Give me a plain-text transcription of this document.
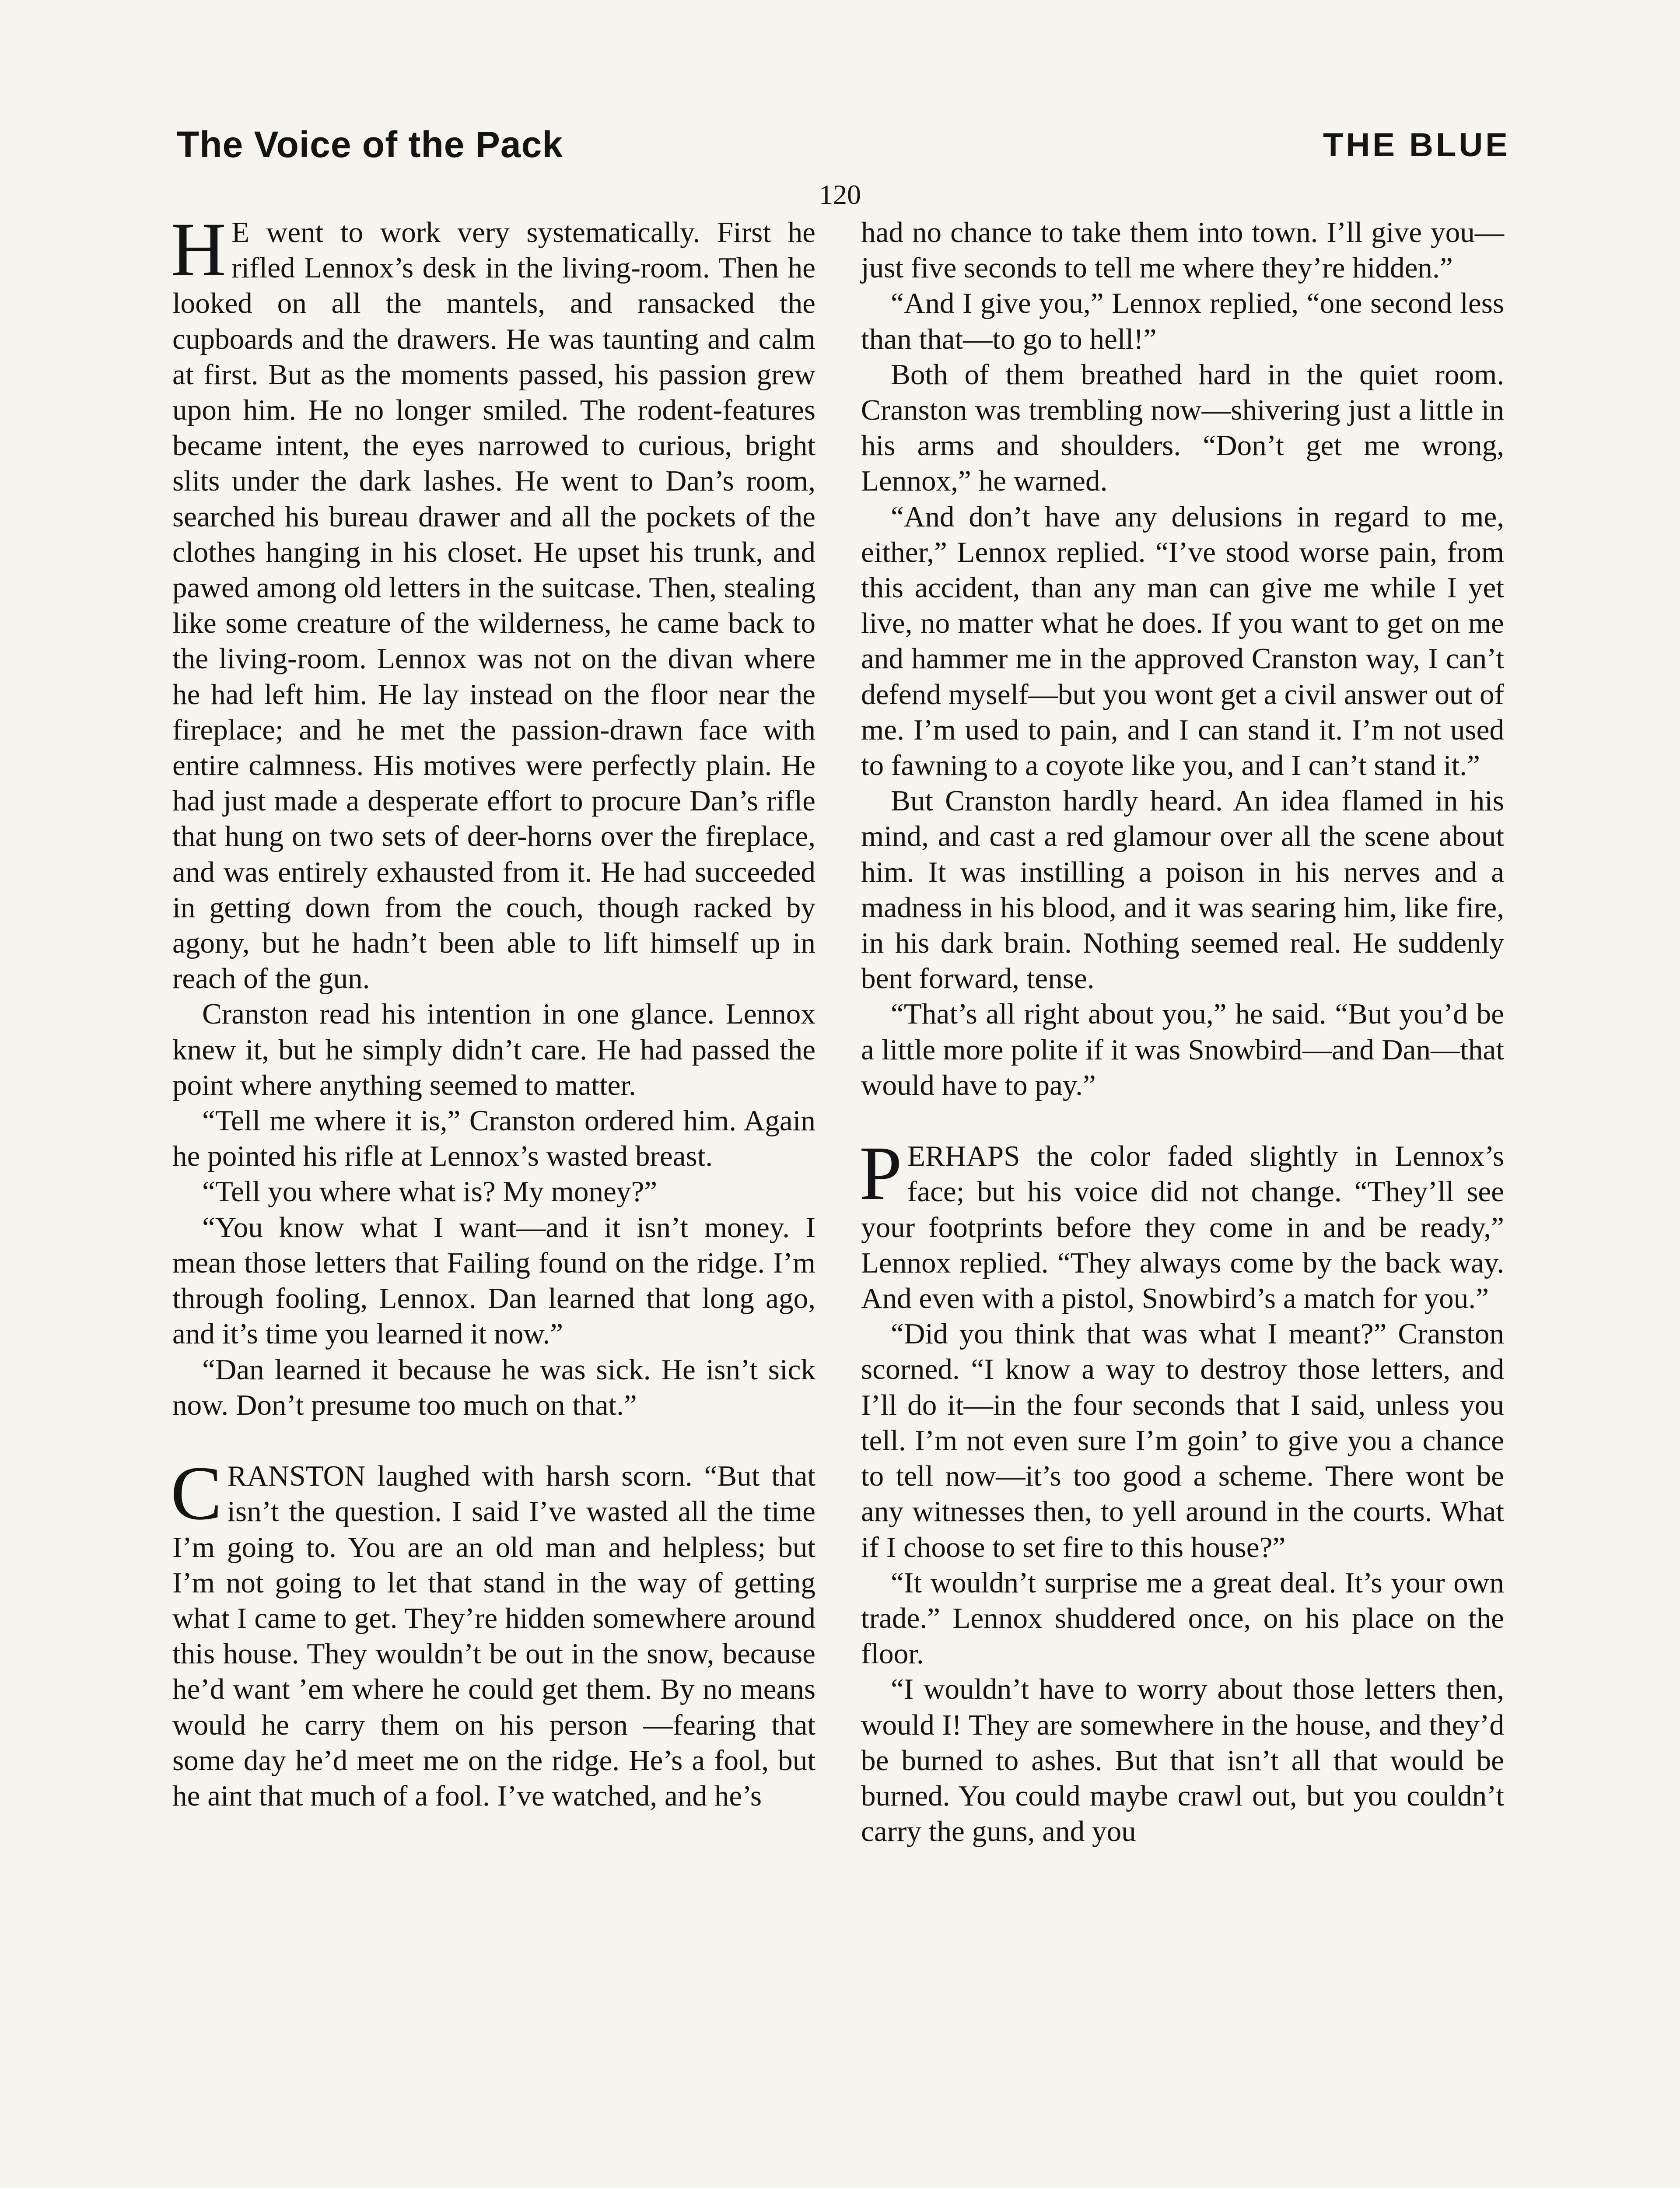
The Voice of the Pack	THE BLUE
120

H E went to work very systematically. First he rifled Lennox’s desk in the living-room. Then he looked on all the mantels, and ransacked the cupboards and the drawers. He was taunting and calm at first. But as the moments passed, his passion grew upon him. He no longer smiled. The rodent-features became intent, the eyes narrowed to curious, bright slits under the dark lashes. He went to Dan’s room, searched his bureau drawer and all the pockets of the clothes hanging in his closet. He upset his trunk, and pawed among old letters in the suitcase. Then, stealing like some creature of the wilderness, he came back to the living-room. Lennox was not on the divan where he had left him. He lay instead on the floor near the fireplace; and he met the passion-drawn face with entire calmness. His motives were perfectly plain. He had just made a desperate effort to procure Dan’s rifle that hung on two sets of deer-horns over the fireplace, and was entirely exhausted from it. He had succeeded in getting down from the couch, though racked by agony, but he hadn’t been able to lift himself up in reach of the gun.

Cranston read his intention in one glance. Lennox knew it, but he simply didn’t care. He had passed the point where anything seemed to matter.

“Tell me where it is,” Cranston ordered him. Again he pointed his rifle at Lennox’s wasted breast.

“Tell you where what is? My money?”

“You know what I want—and it isn’t money. I mean those letters that Failing found on the ridge. I’m through fooling, Lennox. Dan learned that long ago, and it’s time you learned it now.”

“Dan learned it because he was sick. He isn’t sick now. Don’t presume too much on that.”

CRANSTON laughed with harsh scorn. “But that isn’t the question. I said I’ve wasted all the time I’m going to. You are an old man and helpless; but I’m not going to let that stand in the way of getting what I came to get. They’re hidden somewhere around this house. They wouldn’t be out in the snow, because he’d want ’em where he could get them. By no means would he carry them on his person —fearing that some day he’d meet me on the ridge. He’s a fool, but he aint that much of a fool. I’ve watched, and he’s

had no chance to take them into town. I’ll give you—just five seconds to tell me where they’re hidden.”

“And I give you,” Lennox replied, “one second less than that—to go to hell!”

Both of them breathed hard in the quiet room. Cranston was trembling now—shivering just a little in his arms and shoulders. “Don’t get me wrong, Lennox,” he warned.

“And don’t have any delusions in regard to me, either,” Lennox replied. “I’ve stood worse pain, from this accident, than any man can give me while I yet live, no matter what he does. If you want to get on me and hammer me in the approved Cranston way, I can’t defend myself—but you wont get a civil answer out of me. I’m used to pain, and I can stand it. I’m not used to fawning to a coyote like you, and I can’t stand it.”

But Cranston hardly heard. An idea flamed in his mind, and cast a red glamour over all the scene about him. It was instilling a poison in his nerves and a madness in his blood, and it was searing him, like fire, in his dark brain. Nothing seemed real. He suddenly bent forward, tense.

“That’s all right about you,” he said. “But you’d be a little more polite if it was Snowbird—and Dan—that would have to pay.”

PERHAPS the color faded slightly in Lennox’s face; but his voice did not change. “They’ll see your footprints before they come in and be ready,” Lennox replied. “They always come by the back way. And even with a pistol, Snowbird’s a match for you.”

“Did you think that was what I meant?” Cranston scorned. “I know a way to destroy those letters, and I’ll do it—in the four seconds that I said, unless you tell. I’m not even sure I’m goin’ to give you a chance to tell now—it’s too good a scheme. There wont be any witnesses then, to yell around in the courts. What if I choose to set fire to this house?”

“It wouldn’t surprise me a great deal. It’s your own trade.” Lennox shuddered once, on his place on the floor.

“I wouldn’t have to worry about those letters then, would I! They are somewhere in the house, and they’d be burned to ashes. But that isn’t all that would be burned. You could maybe crawl out, but you couldn’t carry the guns, and you
